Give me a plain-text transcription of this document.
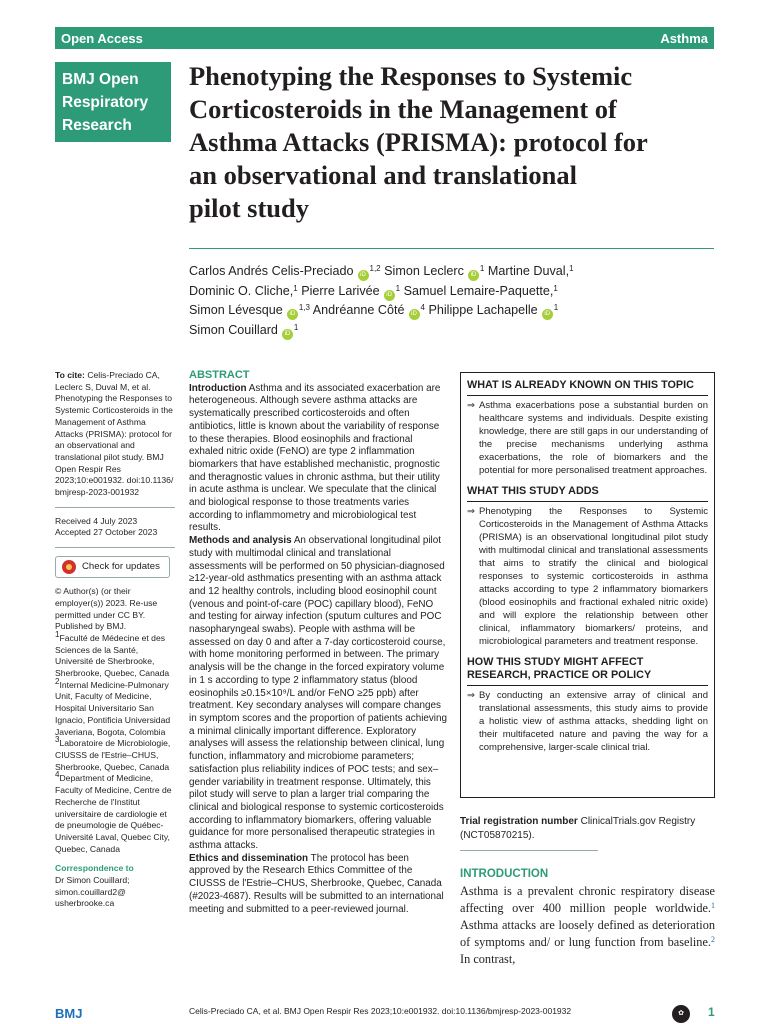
Open Access	Asthma
BMJ Open
Respiratory
Research
Phenotyping the Responses to Systemic
Corticosteroids in the Management of
Asthma Attacks (PRISMA): protocol for
an observational and translational
pilot study
Carlos Andrés Celis-Preciado iD$^{1,2}$ Simon Leclerc $iD^1$ Martine Duval,$^1$
Dominic O. Cliche,$^1$ Pierre Larivée $iD^1$ Samuel Lemaire-Paquette,$^1$
Simon Lévesque iD$^{1,3}$ Andréanne Côté $iD^4$ Philippe Lachapelle $iD^1$
Simon Couillard $iD^1$

To cite: Celis-Preciado CA, Leclerc S, Duval M, et al. Phenotyping the Responses to Systemic Corticosteroids in the Management of Asthma Attacks (PRISMA): protocol for an observational and translational pilot study. BMJ Open Respir Res 2023;10:e001932. doi:10.1136/ bmjresp-2023-001932

Received 4 July 2023

Accepted 27 October 2023

Check for updates

© Author(s) (or their employer(s)) 2023. Re-use permitted under CC BY. Published by BMJ.

$^1$Faculté de Médecine et des Sciences de la Santé, Université de Sherbrooke, Sherbrooke, Quebec, Canada

$^2$Internal Medicine-Pulmonary Unit, Faculty of Medicine, Hospital Universitario San Ignacio, Pontificia Universidad Javeriana, Bogota, Colombia

$^3$Laboratoire de Microbiologie, CIUSSS de l'Estrie–CHUS, Sherbrooke, Quebec, Canada

$^4$Department of Medicine, Faculty of Medicine, Centre de Recherche de l'Institut universitaire de cardiologie et de pneumologie de Québec-Université Laval, Quebec City, Quebec, Canada

Correspondence to

Dr Simon Couillard;

simon.couillard2@ usherbrooke.ca

ABSTRACT

Introduction Asthma and its associated exacerbation are heterogeneous. Although severe asthma attacks are systematically prescribed corticosteroids and often antibiotics, little is known about the variability of response to these therapies. Blood eosinophils and fractional exhaled nitric oxide (FeNO) are type 2 inflammation biomarkers that have established mechanistic, prognostic and theragnostic values in chronic asthma, but their utility in acute asthma is unclear. We speculate that the clinical and biological response to those treatments varies according to inflammometry and microbiological test results.

Methods and analysis An observational longitudinal pilot study with multimodal clinical and translational assessments will be performed on 50 physician-diagnosed ≥12-year-old asthmatics presenting with an asthma attack and 12 healthy controls, including blood eosinophil count (venous and point-of-care (POC) capillary blood), FeNO and testing for airway infection (sputum cultures and POC nasopharyngeal swabs). People with asthma will be assessed on day 0 and after a 7-day corticosteroid course, with home monitoring performed in between. The primary analysis will be the change in the forced expiratory volume in 1 s according to type 2 inflammatory status (blood eosinophils ≥0.15×10⁹/L and/or FeNO ≥25 ppb) after treatment. Key secondary analyses will compare changes in symptom scores and the proportion of patients achieving a minimal clinically important difference. Exploratory analyses will assess the relationship between clinical, lung function, inflammatory and microbiome parameters; satisfaction plus reliability indices of POC tests; and sex–gender variability in treatment response. Ultimately, this pilot study will serve to plan a larger trial comparing the clinical and biological response to systemic corticosteroids according to inflammatory biomarkers, offering valuable guidance for more personalised therapeutic strategies in asthma attacks.

Ethics and dissemination The protocol has been approved by the Research Ethics Committee of the CIUSSS de l'Estrie–CHUS, Sherbrooke, Quebec, Canada (#2023-4687). Results will be submitted to an international meeting and submitted to a peer-reviewed journal.

WHAT IS ALREADY KNOWN ON THIS TOPIC
⇒ Asthma exacerbations pose a substantial burden on healthcare systems and individuals. Despite existing knowledge, there are still gaps in our understanding of the precise mechanisms underlying asthma exacerbations, the role of biomarkers and the potential for more personalised treatment approaches.
WHAT THIS STUDY ADDS
⇒ Phenotyping the Responses to Systemic Corticosteroids in the Management of Asthma Attacks (PRISMA) is an observational longitudinal pilot study with multimodal clinical and translational assessments that aims to stratify the clinical and biological responses to systemic corticosteroids in asthma attacks according to type 2 inflammatory biomarkers (blood eosinophils and fractional exhaled nitric oxide) and will explore the relationship between other clinical, inflammatory biomarkers/ proteins, and microbiological parameters and treatment response.
HOW THIS STUDY MIGHT AFFECT RESEARCH, PRACTICE OR POLICY
⇒ By conducting an extensive array of clinical and translational assessments, this study aims to provide a holistic view of asthma attacks, shedding light on their multifaceted nature and paving the way for a comprehensive, larger-scale clinical trial.
Trial registration number ClinicalTrials.gov Registry (NCT05870215).
INTRODUCTION
Asthma is a prevalent chronic respiratory disease affecting over 400 million people worldwide.$^1$ Asthma attacks are loosely defined as deterioration of symptoms and/ or lung function from baseline.$^2$ In contrast,
BMJ	Celis-Preciado CA, et al. BMJ Open Respir Res 2023;10:e001932. doi:10.1136/bmjresp-2023-001932	✿	1
